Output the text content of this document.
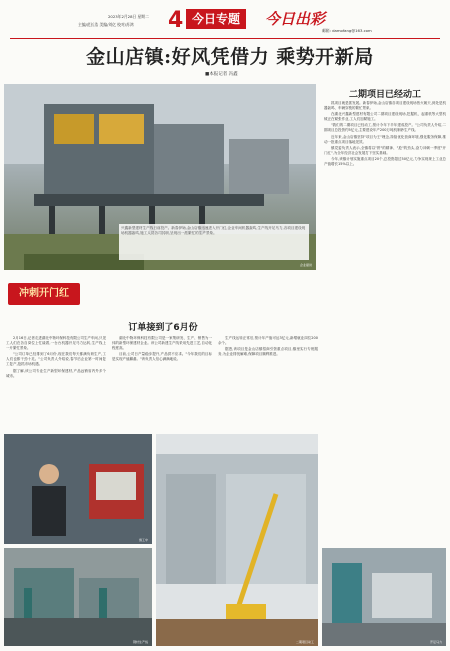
2023年2月28日 星期二
主编/范长浩 美编/刘亿 校对/苏鸿 4 今日专题	今日出彩
邮箱: damofang@163.com
金山店镇:好风凭借力 乘势开新局
■本报记者 冯鑫
兴鑫新型建材生产线日前投产。新春伊始,金山店镇迅速进入开门红,企业车间机器轰鸣,生产线开足马力,各项目建设现场机器轰鸣,施工人员各司其职,呈现出一派繁忙的生产景象。
企业提供
二期项目已经动工

抓项目就是抓发展。新春伊始,金山店镇各项目建设现场热火朝天,到处是机器轰鸣、车辆穿梭的繁忙景象。

在湖北兴鑫新型建材有限公司二期项目建设现场,挖掘机、起重机等大型机械正在紧张作业,工人们加紧施工。

"我们的二期项目已经动工,预计今年下半年建成投产。"公司负责人介绍,二期项目总投资约5亿元,主要建设年产200万吨机制砂生产线。

近年来,金山店镇坚持"项目为王"理念,持续优化营商环境,强化服务保障,推动一批重点项目落地见效。

镇党委负责人表示,全镇将以"拼"的精神、"抢"的劲头,奋力冲刺一季度"开门红",为全年经济社会发展打下坚实基础。

今年,该镇计划实施重点项目20个,总投资超过50亿元,力争实现规上工业总产值增长15%以上。

冲刺开门红
订单接到了6月份

2月16日,记者走进湖北中物环保科技有限公司生产车间,只见工人们在各自岗位上忙碌着,一台台机器开足马力运转,生产线上一片繁忙景象。

"公司订单已经排到了6月份,现在我们每天都满负荷生产,工人们也都干劲十足。"公司负责人介绍说,春节后企业第一时间复工复产,抢抓市场机遇。

据了解,该公司专业生产新型环保建材,产品远销省内外多个城市。

湖北中物环保科技有限公司是一家集研发、生产、销售为一体的新型环保建材企业。该公司新建生产线采用先进工艺,自动化程度高。

目前,公司日产量稳步提升,产品供不应求。"今年我们的目标是实现产值翻番。"该负责人信心满满地说。

生产线运转正常后,预计年产值可达3亿元,新增就业岗位200余个。

据悉,该项目是金山店镇招商引资重点项目,镇里实行专班服务,为企业排忧解难,保障项目顺利推进。

施工中
钢材生产线	二期项目动工	开足马力
